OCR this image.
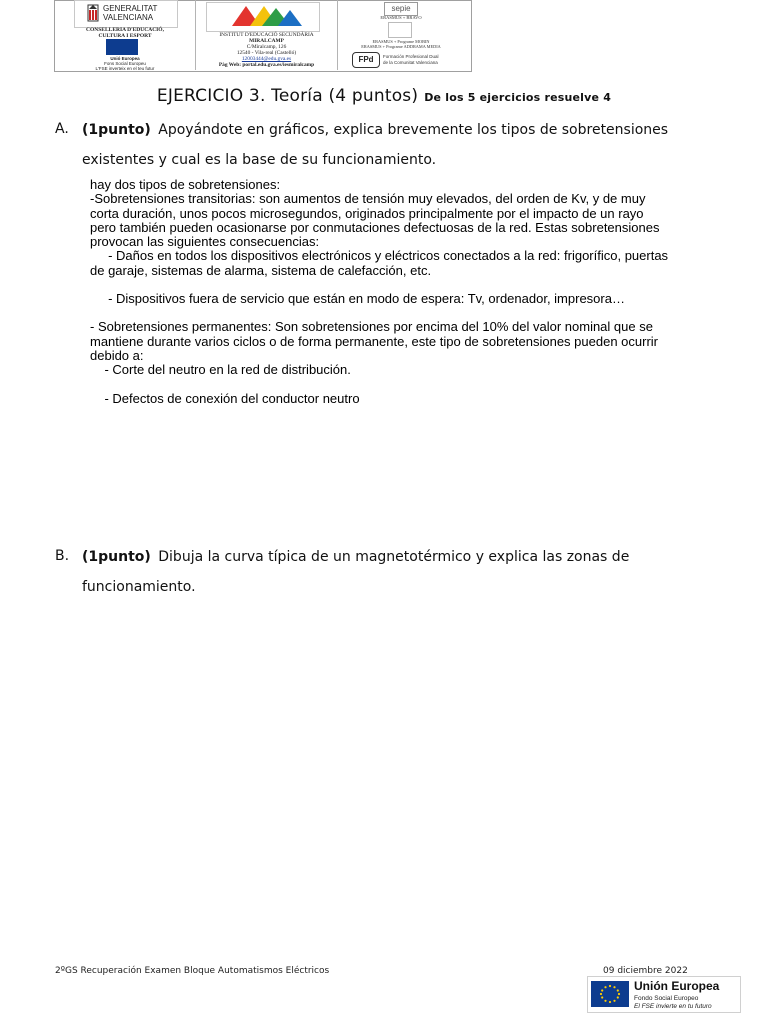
GENERALITAT
VALENCIANA
CONSELLERIA D'EDUCACIÓ,
CULTURA I ESPORT
Unió Europea
Fons Social Europeu
L'FSE inverteix en el teu futur
INSTITUT D'EDUCACIÓ SECUNDÀRIA
MIRALCAMP
C/Miralcamp, 126
12540 - Vila-real (Castelló)
12003444@edu.gva.es
Pàg Web: portal.edu.gva.es/iesmiralcamp
sepie
ERASMUS + BRAVO
ERASMUS + Programe MOBIN
ERASMUS + Programe ADDRAMA MEDIA
FPd	Formación Profesional Dual
de la Comunitat Valenciana
EJERCICIO 3. Teoría (4 puntos) De los 5 ejercicios resuelve 4
A. (1punto) Apoyándote en gráficos, explica brevemente los tipos de sobretensiones existentes y cual es la base de su funcionamiento.

hay dos tipos de sobretensiones:

-Sobretensiones transitorias: son aumentos de tensión muy elevados, del orden de Kv, y de muy corta duración, unos pocos microsegundos, originados principalmente por el impacto de un rayo pero también pueden ocasionarse por conmutaciones defectuosas de la red. Estas sobretensiones provocan las siguientes consecuencias:

- Daños en todos los dispositivos electrónicos y eléctricos conectados a la red: frigorífico, puertas de garaje, sistemas de alarma, sistema de calefacción, etc.

- Dispositivos fuera de servicio que están en modo de espera: Tv, ordenador, impresora…

- Sobretensiones permanentes: Son sobretensiones por encima del 10% del valor nominal que se mantiene durante varios ciclos o de forma permanente, este tipo de sobretensiones pueden ocurrir debido a:

- Corte del neutro en la red de distribución.

- Defectos de conexión del conductor neutro

B. (1punto) Dibuja la curva típica de un magnetotérmico y explica las zonas de funcionamiento.
2ºGS Recuperación Examen Bloque Automatismos Eléctricos	09 diciembre 2022
Unión Europea
Fondo Social Europeo
El FSE invierte en tu futuro
